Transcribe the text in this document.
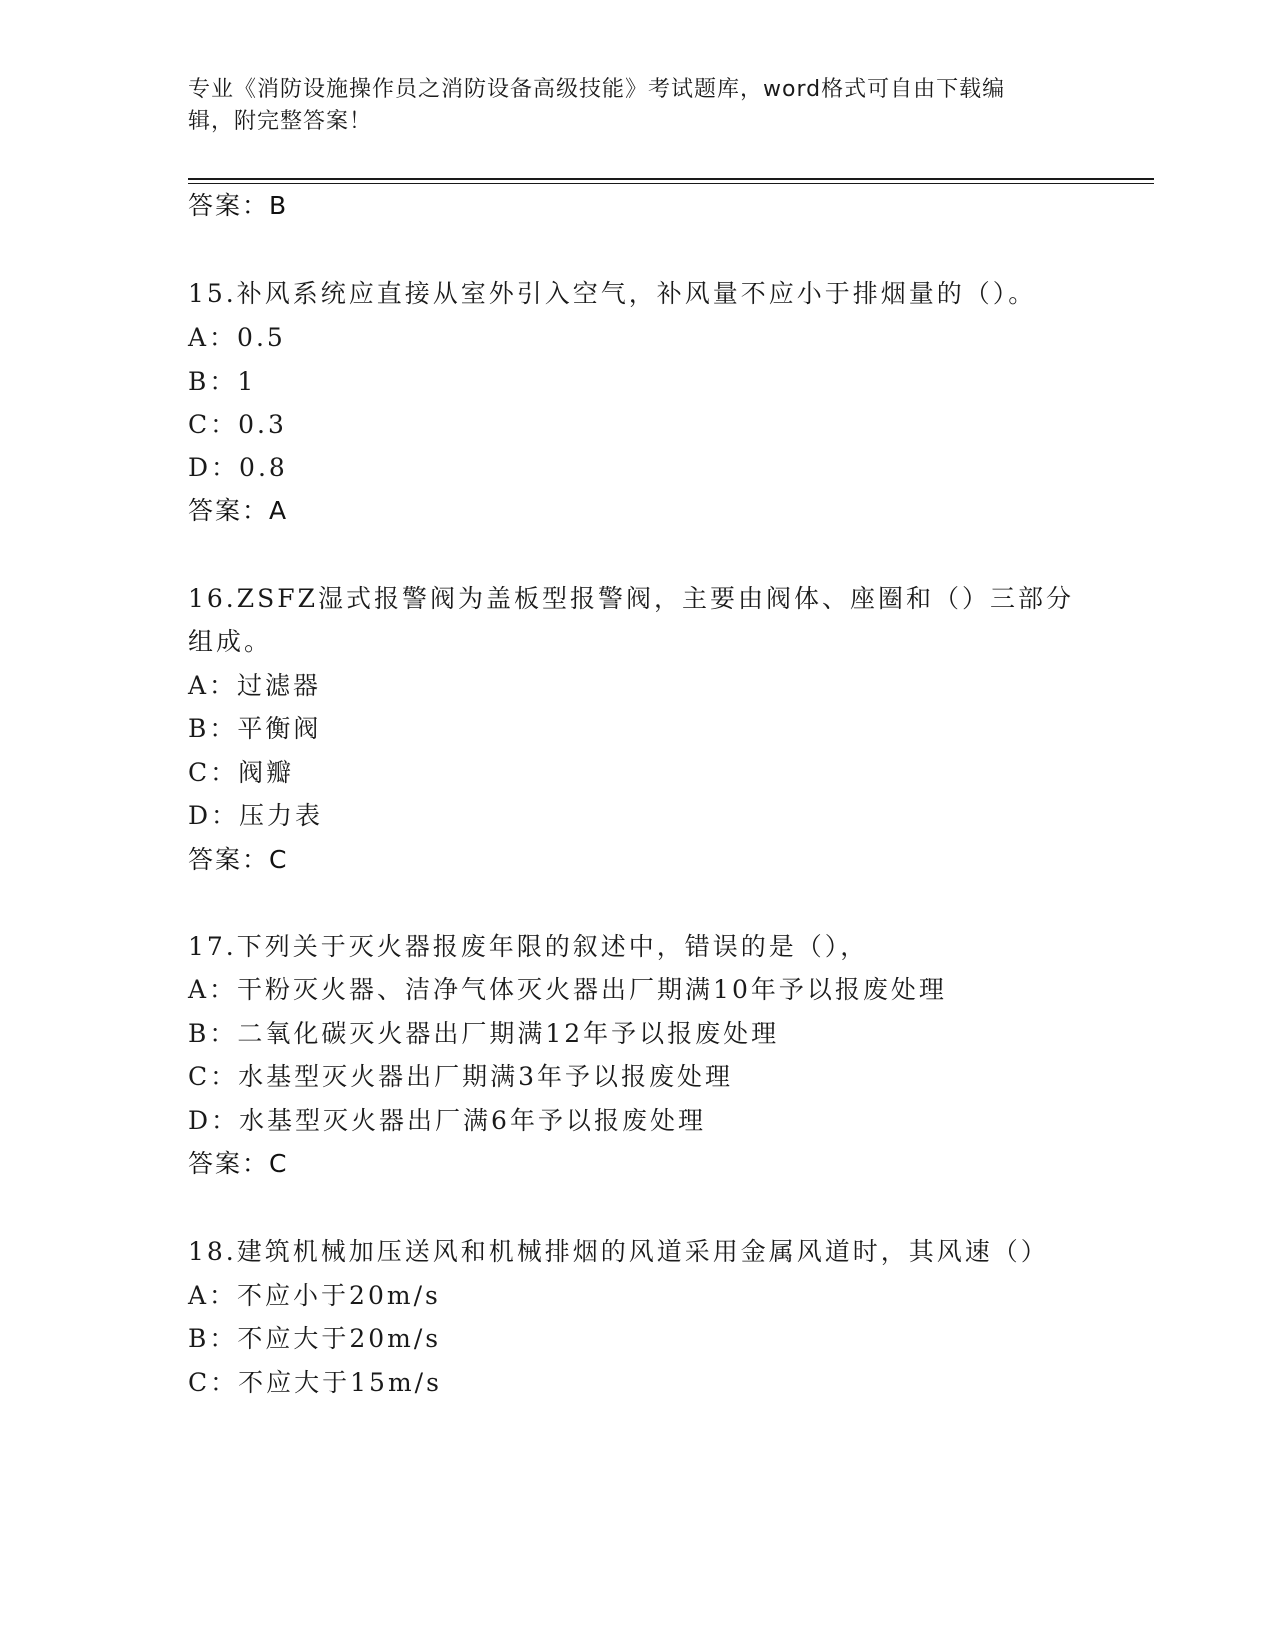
专业《消防设施操作员之消防设备高级技能》考试题库，word格式可自由下载编
辑，附完整答案！
答案：B
15.补风系统应直接从室外引入空气，补风量不应小于排烟量的（）。
A：0.5
B：1
C：0.3
D：0.8
答案：A
16.ZSFZ湿式报警阀为盖板型报警阀，主要由阀体、座圈和（）三部分
组成。
A：过滤器
B：平衡阀
C：阀瓣
D：压力表
答案：C
17.下列关于灭火器报废年限的叙述中，错误的是（），
A：干粉灭火器、洁净气体灭火器出厂期满10年予以报废处理
B：二氧化碳灭火器出厂期满12年予以报废处理
C：水基型灭火器出厂期满3年予以报废处理
D：水基型灭火器出厂满6年予以报废处理
答案：C
18.建筑机械加压送风和机械排烟的风道采用金属风道时，其风速（）
A：不应小于20m/s
B：不应大于20m/s
C：不应大于15m/s
